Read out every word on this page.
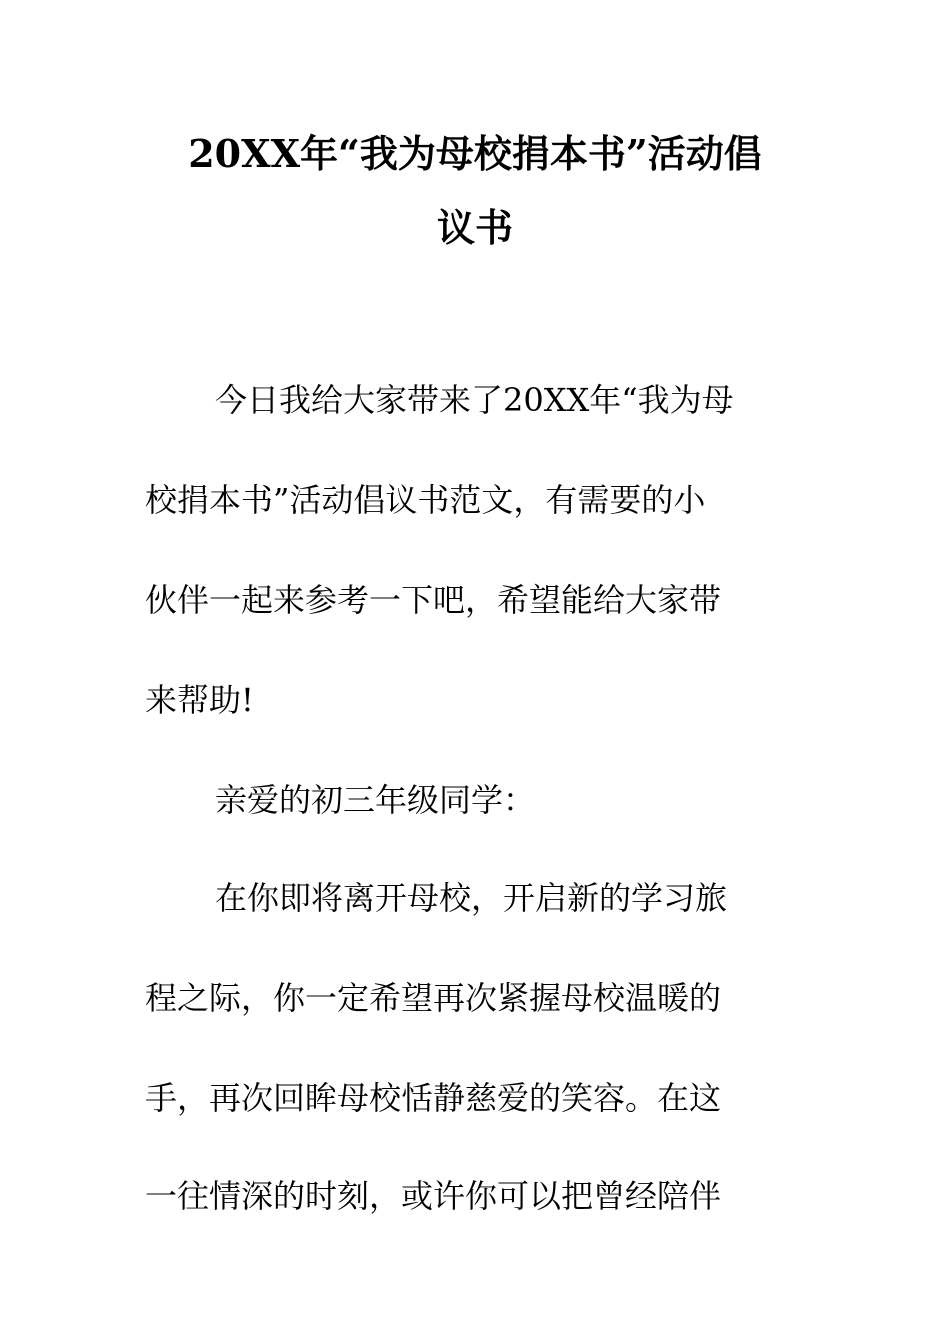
20XX年“我为母校捐本书”活动倡
议书

今日我给大家带来了20XX年“我为母

校捐本书”活动倡议书范文，有需要的小

伙伴一起来参考一下吧，希望能给大家带

来帮助!

亲爱的初三年级同学：

在你即将离开母校，开启新的学习旅

程之际，你一定希望再次紧握母校温暖的

手，再次回眸母校恬静慈爱的笑容。在这

一往情深的时刻，或许你可以把曾经陪伴
